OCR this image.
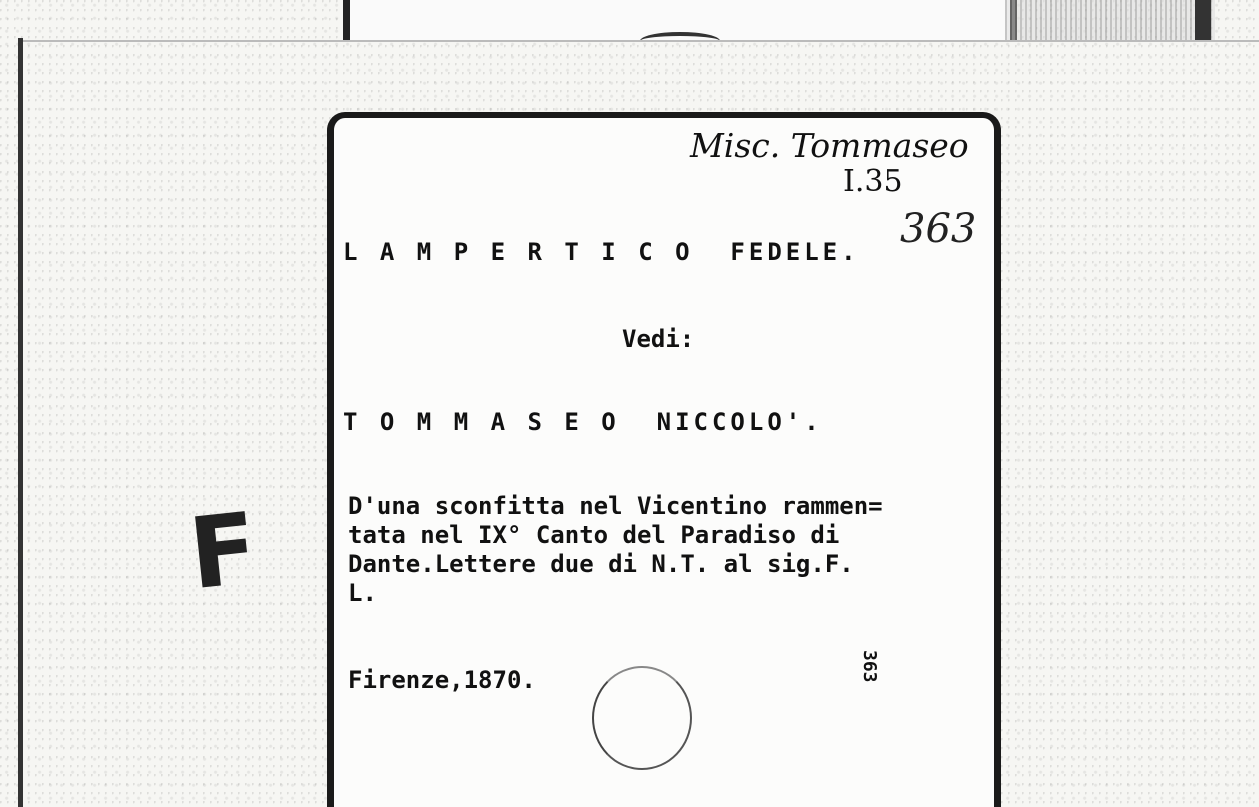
F
Misc. Tommaseo
I.35
363
L A M P E R T I C O  FEDELE.
Vedi:
T O M M A S E O  NICCOLO'.
D'una sconfitta nel Vicentino rammen=
tata nel IX° Canto del Paradiso di
Dante.Lettere due di N.T. al sig.F.
L.
Firenze,1870.	363
